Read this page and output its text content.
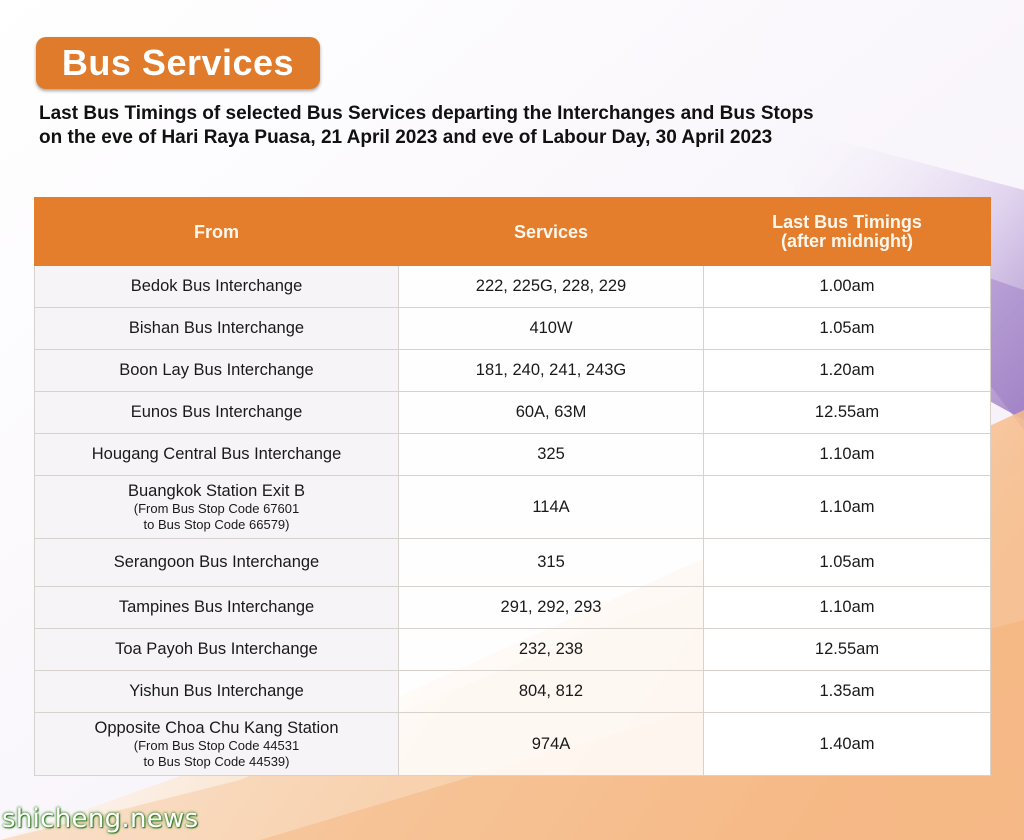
Bus Services
Last Bus Timings of selected Bus Services departing the Interchanges and Bus Stops
on the eve of Hari Raya Puasa, 21 April 2023 and eve of Labour Day, 30 April 2023
From	Services	Last Bus Timings
(after midnight)

Bedok Bus Interchange	222, 225G, 228, 229	1.00am
Bishan Bus Interchange	410W	1.05am
Boon Lay Bus Interchange	181, 240, 241, 243G	1.20am
Eunos Bus Interchange	60A, 63M	12.55am
Hougang Central Bus Interchange	325	1.10am

Buangkok Station Exit B
(From Bus Stop Code 67601
to Bus Stop Code 66579)	114A	1.10am
Serangoon Bus Interchange	315	1.05am
Tampines Bus Interchange	291, 292, 293	1.10am
Toa Payoh Bus Interchange	232, 238	12.55am
Yishun Bus Interchange	804, 812	1.35am

Opposite Choa Chu Kang Station
(From Bus Stop Code 44531
to Bus Stop Code 44539)	974A	1.40am
shicheng.news
